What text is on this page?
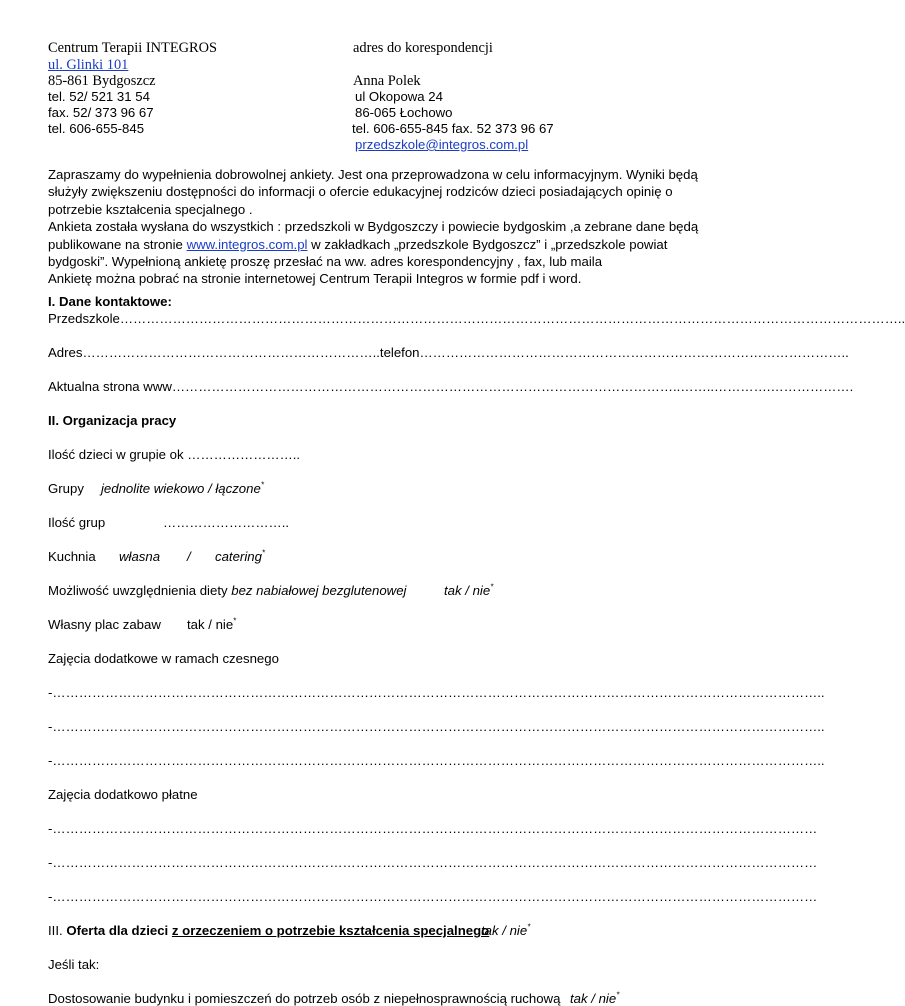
Centrum Terapii INTEGROS
ul. Glinki 101
85-861 Bydgoszcz
tel. 52/ 521 31 54
fax. 52/ 373 96 67
tel. 606-655-845
adres do korespondencji
Anna Polek
ul Okopowa 24
86-065 Łochowo
tel. 606-655-845 fax. 52 373 96 67
przedszkole@integros.com.pl

Zapraszamy do wypełnienia dobrowolnej ankiety. Jest ona przeprowadzona w celu informacyjnym. Wyniki będą służyły zwiększeniu dostępności do informacji o ofercie edukacyjnej rodziców dzieci posiadających opinię o potrzebie kształcenia specjalnego .

Ankieta została wysłana do wszystkich : przedszkoli w Bydgoszczy i powiecie bydgoskim ,a zebrane dane będą publikowane na stronie www.integros.com.pl w zakładkach „przedszkole Bydgoszcz” i „przedszkole powiat bydgoski”. Wypełnioną ankietę proszę przesłać na ww. adres korespondencyjny , fax, lub maila

Ankietę można pobrać na stronie internetowej Centrum Terapii Integros w formie pdf i word.

I. Dane kontaktowe:
Przedszkole……………………………………………………………………………………………………………………………………………………………..
Adres…………………………………………………………..telefon……………………………………………………………………………………..
Aktualna strona www……………………………………………………………………………………………………..……..………….……………….
II. Organizacja pracy
Ilość dzieci w grupie ok ……………………..
Grupy jednolite wiekowo / łączone*
Ilość grup	………………………..
Kuchnia własna / catering*
Możliwość uwzględnienia diety bez nabiałowej bezglutenowej	tak / nie*
Własny plac zabaw tak / nie*
Zajęcia dodatkowe w ramach czesnego
-…………………………………………………………………………………………………………………………………………………………..
-…………………………………………………………………………………………………………………………………………………………..
-…………………………………………………………………………………………………………………………………………………………..
Zajęcia dodatkowo płatne
-…………………………………………………………………………………………………………………………………………………………
-…………………………………………………………………………………………………………………………………………………………
-…………………………………………………………………………………………………………………………………………………………
III. Oferta dla dzieci z orzeczeniem o potrzebie kształcenia specjalnego
tak / nie*
Jeśli tak:
Dostosowanie budynku i pomieszczeń do potrzeb osób z niepełnosprawnością ruchową tak / nie*
